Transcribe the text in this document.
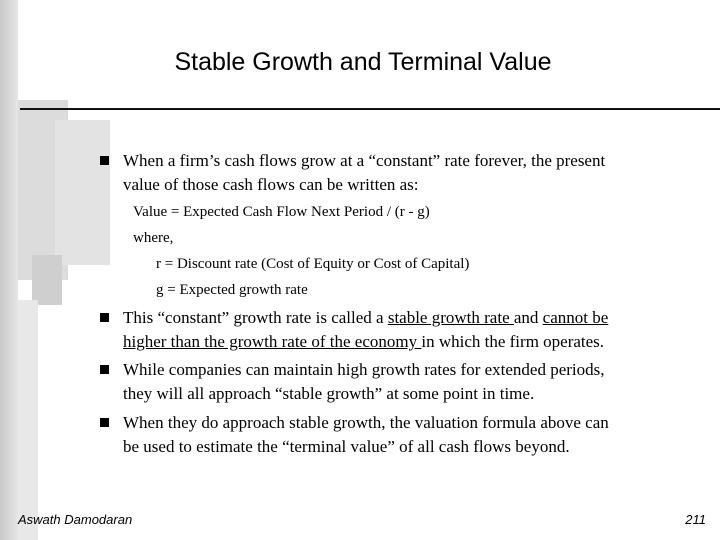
Stable Growth and Terminal Value
When a firm’s cash flows grow at a “constant” rate forever, the present
value of those cash flows can be written as:
Value = Expected Cash Flow Next Period / (r - g)
where,
r = Discount rate (Cost of Equity or Cost of Capital)
g = Expected growth rate
This “constant” growth rate is called a stable growth rate and cannot be
higher than the growth rate of the economy in which the firm operates.
While companies can maintain high growth rates for extended periods,
they will all approach “stable growth” at some point in time.
When they do approach stable growth, the valuation formula above can
be used to estimate the “terminal value” of all cash flows beyond.
Aswath Damodaran	211
